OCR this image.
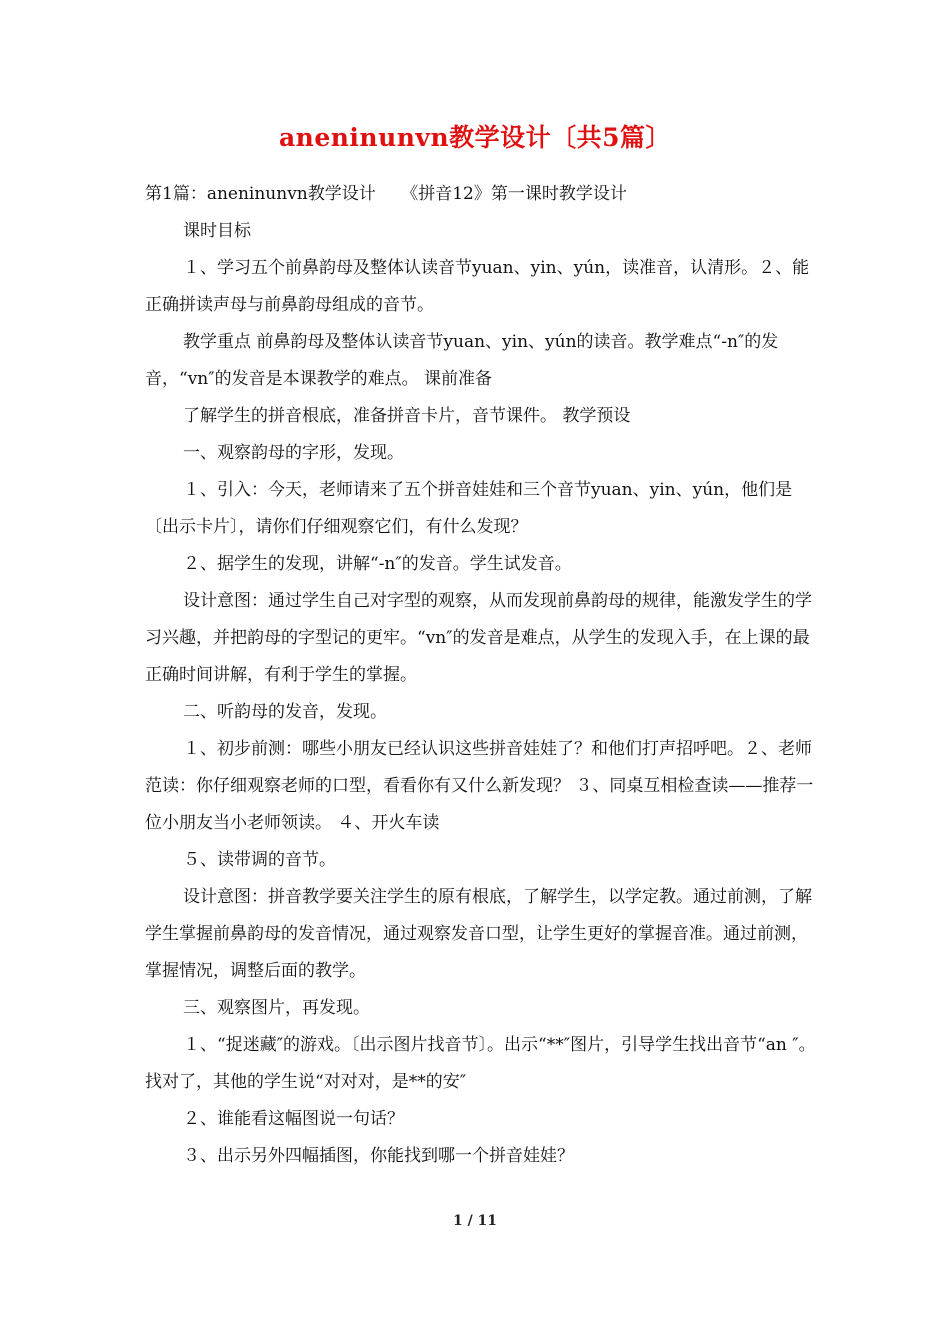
aneninunvn教学设计〔共5篇〕

第1篇：aneninunvn教学设计　　《拼音12》第一课时教学设计

课时目标

１、学习五个前鼻韵母及整体认读音节yuan、yin、yún，读准音，认清形。２、能正确拼读声母与前鼻韵母组成的音节。

教学重点 前鼻韵母及整体认读音节yuan、yin、yún的读音。教学难点“-n″的发音，“vn″的发音是本课教学的难点。 课前准备

了解学生的拼音根底，准备拼音卡片，音节课件。 教学预设

一、观察韵母的字形，发现。

１、引入：今天，老师请来了五个拼音娃娃和三个音节yuan、yin、yún，他们是〔出示卡片〕，请你们仔细观察它们，有什么发现？

２、据学生的发现，讲解“-n″的发音。学生试发音。

设计意图：通过学生自己对字型的观察，从而发现前鼻韵母的规律，能激发学生的学习兴趣，并把韵母的字型记的更牢。“vn″的发音是难点，从学生的发现入手，在上课的最正确时间讲解，有利于学生的掌握。

二、听韵母的发音，发现。

１、初步前测：哪些小朋友已经认识这些拼音娃娃了？和他们打声招呼吧。２、老师范读：你仔细观察老师的口型，看看你有又什么新发现？ ３、同桌互相检查读——推荐一位小朋友当小老师领读。 ４、开火车读

５、读带调的音节。

设计意图：拼音教学要关注学生的原有根底，了解学生，以学定教。通过前测，了解学生掌握前鼻韵母的发音情况，通过观察发音口型，让学生更好的掌握音准。通过前测，掌握情况，调整后面的教学。

三、观察图片，再发现。

１、“捉迷藏″的游戏。〔出示图片找音节〕。出示“**″图片，引导学生找出音节“an ″。找对了，其他的学生说“对对对，是**的安″

２、谁能看这幅图说一句话？

３、出示另外四幅插图，你能找到哪一个拼音娃娃？

1 / 11
